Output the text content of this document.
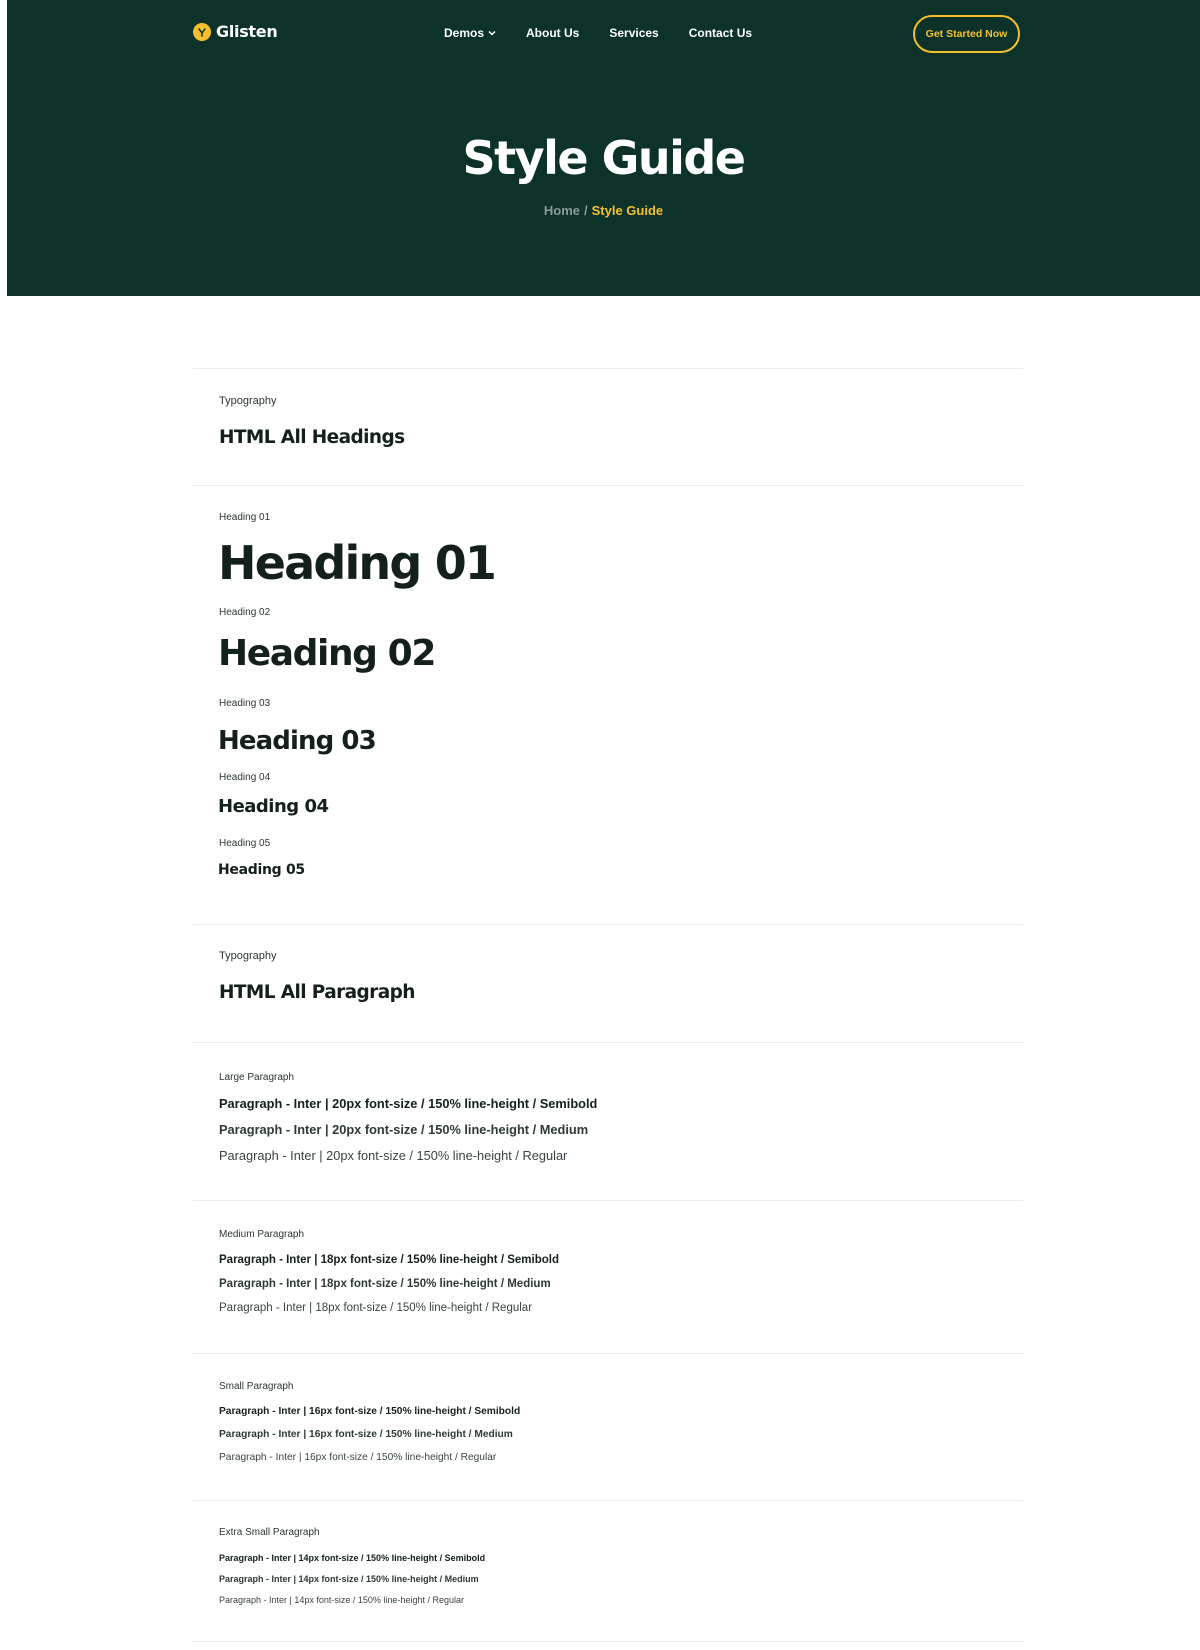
Glisten	Demos	About Us	Services	Contact Us	Get Started Now
Style Guide
Home / Style Guide
Typography
HTML All Headings
Heading 01
Heading 01
Heading 02
Heading 02
Heading 03
Heading 03
Heading 04
Heading 04
Heading 05
Heading 05
Typography
HTML All Paragraph
Large Paragraph
Paragraph - Inter | 20px font-size / 150% line-height / Semibold
Paragraph - Inter | 20px font-size / 150% line-height / Medium
Paragraph - Inter | 20px font-size / 150% line-height / Regular
Medium Paragraph
Paragraph - Inter | 18px font-size / 150% line-height / Semibold
Paragraph - Inter | 18px font-size / 150% line-height / Medium
Paragraph - Inter | 18px font-size / 150% line-height / Regular
Small Paragraph
Paragraph - Inter | 16px font-size / 150% line-height / Semibold
Paragraph - Inter | 16px font-size / 150% line-height / Medium
Paragraph - Inter | 16px font-size / 150% line-height / Regular
Extra Small Paragraph
Paragraph - Inter | 14px font-size / 150% line-height / Semibold
Paragraph - Inter | 14px font-size / 150% line-height / Medium
Paragraph - Inter | 14px font-size / 150% line-height / Regular
